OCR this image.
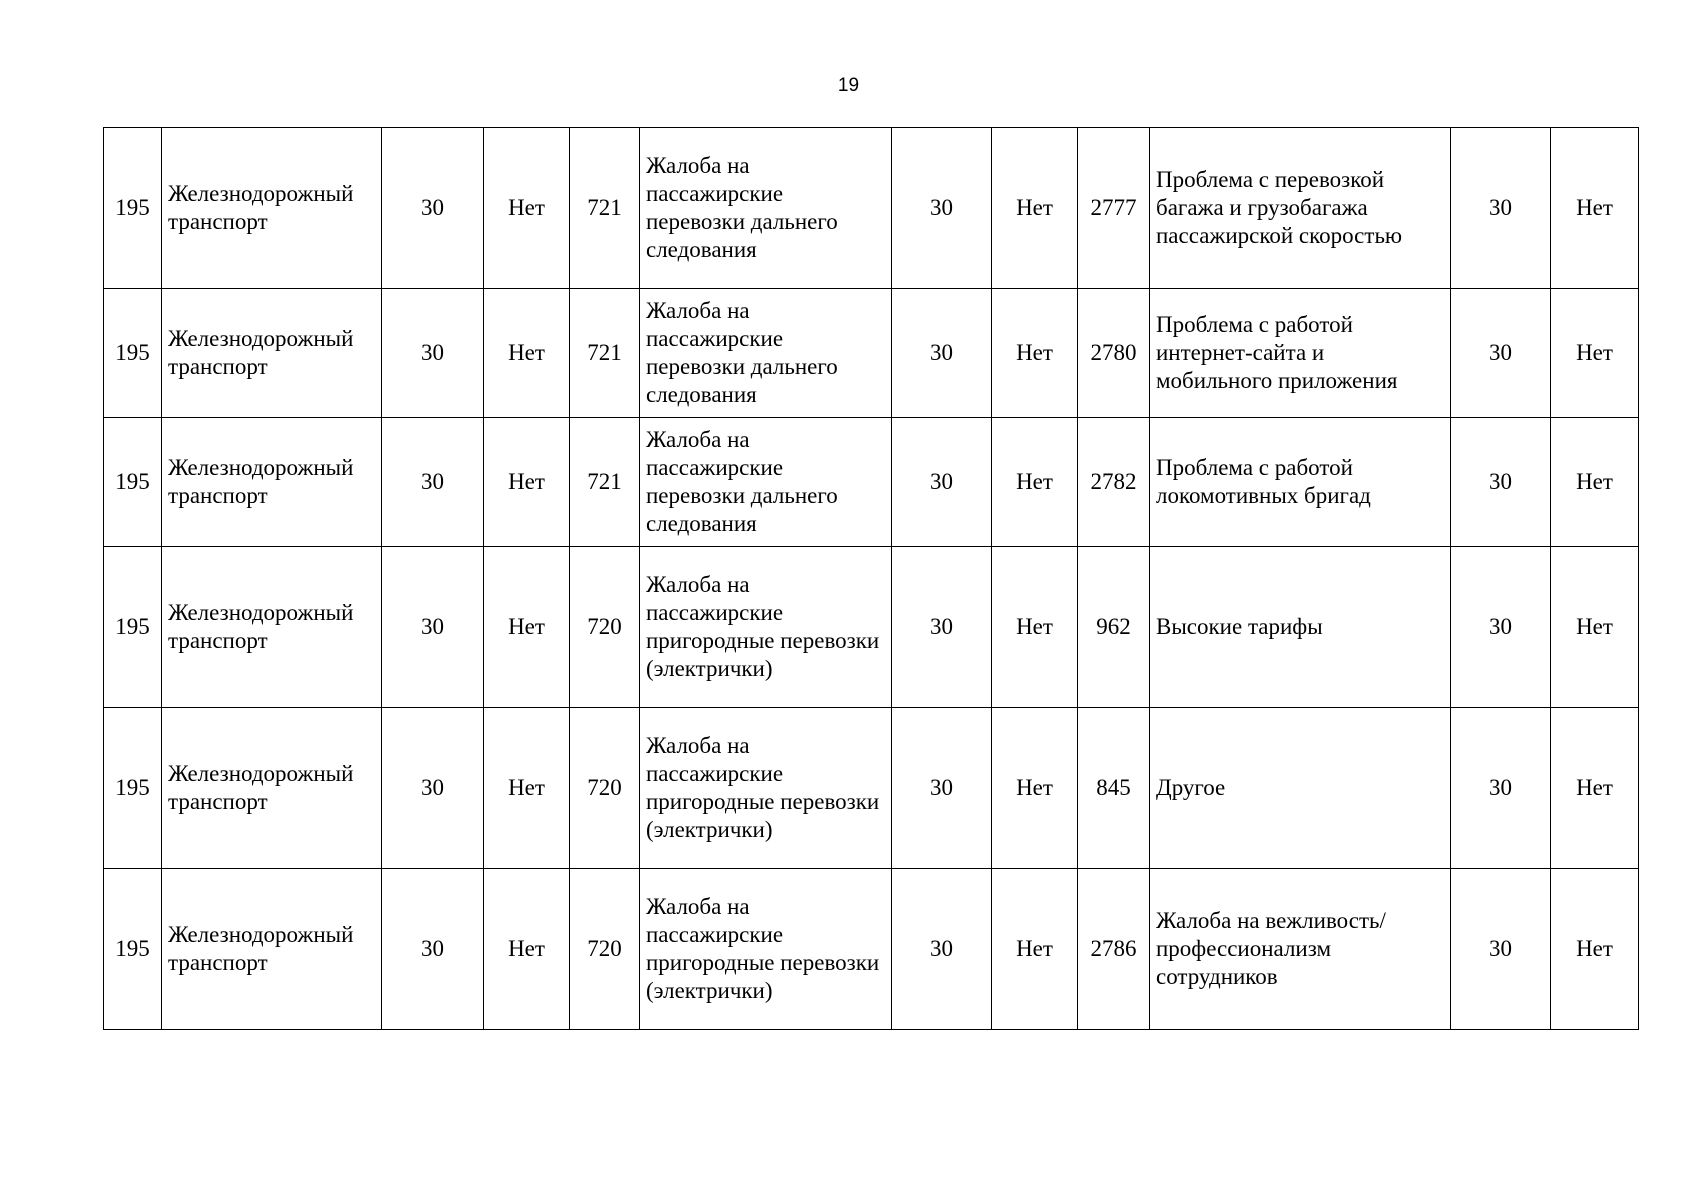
19
195	Железнодорожный транспорт	30	Нет	721	Жалоба на пассажирские перевозки дальнего следования	30	Нет	2777	Проблема с перевозкой багажа и грузобагажа пассажирской скоростью	30	Нет
195	Железнодорожный транспорт	30	Нет	721	Жалоба на пассажирские перевозки дальнего следования	30	Нет	2780	Проблема с работой интернет-сайта и мобильного приложения	30	Нет
195	Железнодорожный транспорт	30	Нет	721	Жалоба на пассажирские перевозки дальнего следования	30	Нет	2782	Проблема с работой локомотивных бригад	30	Нет
195	Железнодорожный транспорт	30	Нет	720	Жалоба на пассажирские пригородные перевозки (электрички)	30	Нет	962	Высокие тарифы	30	Нет
195	Железнодорожный транспорт	30	Нет	720	Жалоба на пассажирские пригородные перевозки (электрички)	30	Нет	845	Другое	30	Нет
195	Железнодорожный транспорт	30	Нет	720	Жалоба на пассажирские пригородные перевозки (электрички)	30	Нет	2786	Жалоба на вежливость/профессионализм сотрудников	30	Нет
